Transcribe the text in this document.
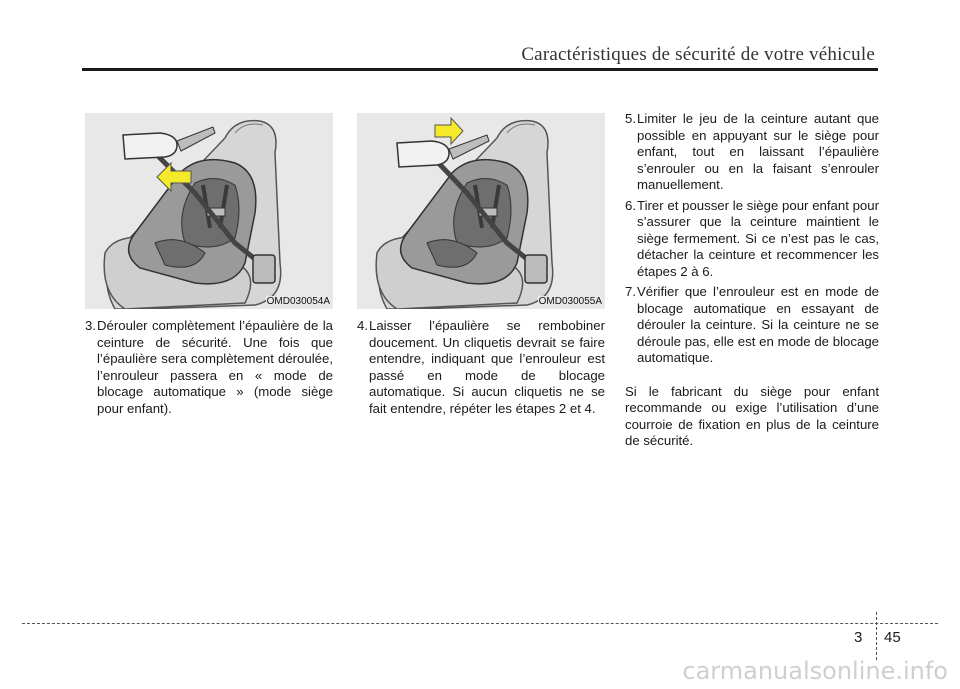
Caractéristiques de sécurité de votre véhicule
OMD030054A	OMD030055A
3. Dérouler complètement l’épaulière de la ceinture de sécurité. Une fois que l’épaulière sera complètement déroulée, l’enrouleur passera en « mode de blocage automatique » (mode siège pour enfant).
4. Laisser l’épaulière se rembobiner doucement. Un cliquetis devrait se faire entendre, indiquant que l’enrouleur est passé en mode de blocage automatique. Si aucun cliquetis ne se fait entendre, répéter les étapes 2 et 4.
5. Limiter le jeu de la ceinture autant que possible en appuyant sur le siège pour enfant, tout en laissant l’épaulière s’enrouler ou en la faisant s’enrouler manuellement.
6. Tirer et pousser le siège pour enfant pour s’assurer que la ceinture maintient le siège fermement. Si ce n’est pas le cas, détacher la ceinture et recommencer les étapes 2 à 6.
7. Vérifier que l’enrouleur est en mode de blocage automatique en essayant de dérouler la ceinture. Si la ceinture ne se déroule pas, elle est en mode de blocage automatique.
Si le fabricant du siège pour enfant recommande ou exige l’utilisation d’une courroie de fixation en plus de la ceinture de sécurité.
3 45
carmanualsonline.info
